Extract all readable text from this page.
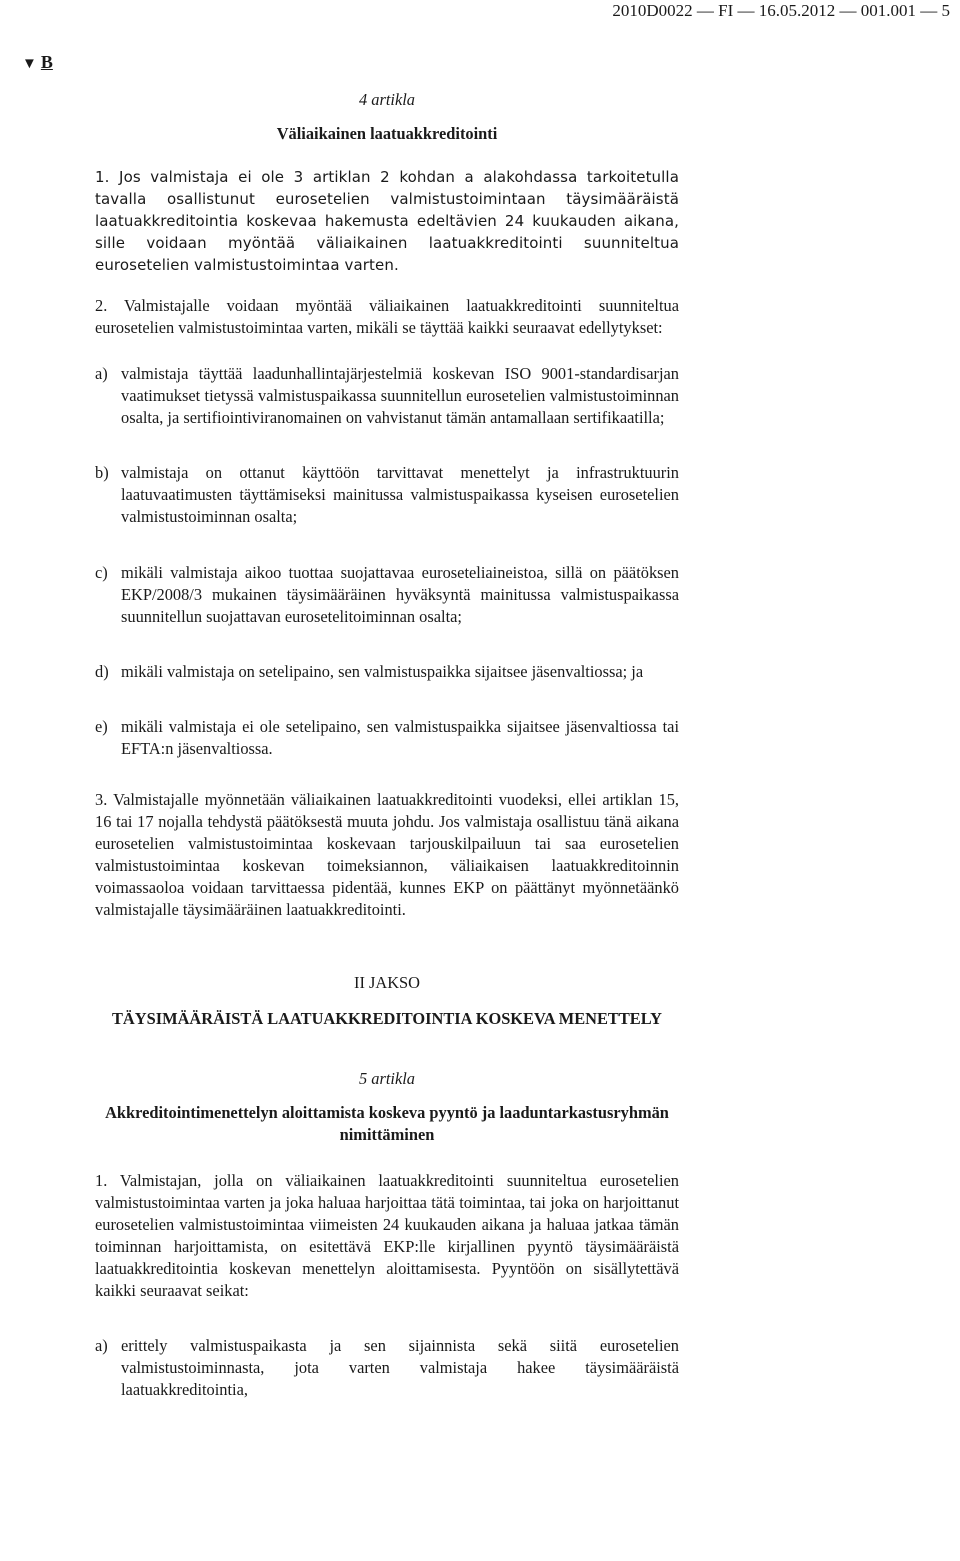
2010D0022 — FI — 16.05.2012 — 001.001 — 5
▼ B
4 artikla
Väliaikainen laatuakkreditointi
1. Jos valmistaja ei ole 3 artiklan 2 kohdan a alakohdassa tarkoitetulla tavalla osallistunut eurosetelien valmistustoimintaan täysimääräistä laatuakkreditointia koskevaa hakemusta edeltävien 24 kuukauden aikana, sille voidaan myöntää väliaikainen laatuakkreditointi suunniteltua eurosetelien valmistustoimintaa varten.
2. Valmistajalle voidaan myöntää väliaikainen laatuakkreditointi suunniteltua eurosetelien valmistustoimintaa varten, mikäli se täyttää kaikki seuraavat edellytykset:
a) valmistaja täyttää laadunhallintajärjestelmiä koskevan ISO 9001-standardisarjan vaatimukset tietyssä valmistuspaikassa suunnitellun eurosetelien valmistustoiminnan osalta, ja sertifiointiviranomainen on vahvistanut tämän antamallaan sertifikaatilla;
b) valmistaja on ottanut käyttöön tarvittavat menettelyt ja infrastruktuurin laatuvaatimusten täyttämiseksi mainitussa valmistuspaikassa kyseisen eurosetelien valmistustoiminnan osalta;
c) mikäli valmistaja aikoo tuottaa suojattavaa euroseteliaineistoa, sillä on päätöksen EKP/2008/3 mukainen täysimääräinen hyväksyntä mainitussa valmistuspaikassa suunnitellun suojattavan eurosetelitoiminnan osalta;
d) mikäli valmistaja on setelipaino, sen valmistuspaikka sijaitsee jäsenvaltiossa; ja
e) mikäli valmistaja ei ole setelipaino, sen valmistuspaikka sijaitsee jäsenvaltiossa tai EFTA:n jäsenvaltiossa.
3. Valmistajalle myönnetään väliaikainen laatuakkreditointi vuodeksi, ellei artiklan 15, 16 tai 17 nojalla tehdystä päätöksestä muuta johdu. Jos valmistaja osallistuu tänä aikana eurosetelien valmistustoimintaa koskevaan tarjouskilpailuun tai saa eurosetelien valmistustoimintaa koskevan toimeksiannon, väliaikaisen laatuakkreditoinnin voimassaoloa voidaan tarvittaessa pidentää, kunnes EKP on päättänyt myönnetäänkö valmistajalle täysimääräinen laatuakkreditointi.
II JAKSO
TÄYSIMÄÄRÄISTÄ LAATUAKKREDITOINTIA KOSKEVA MENETTELY
5 artikla
Akkreditointimenettelyn aloittamista koskeva pyyntö ja laaduntarkastusryhmän nimittäminen
1. Valmistajan, jolla on väliaikainen laatuakkreditointi suunniteltua eurosetelien valmistustoimintaa varten ja joka haluaa harjoittaa tätä toimintaa, tai joka on harjoittanut eurosetelien valmistustoimintaa viimeisten 24 kuukauden aikana ja haluaa jatkaa tämän toiminnan harjoittamista, on esitettävä EKP:lle kirjallinen pyyntö täysimääräistä laatuakkreditointia koskevan menettelyn aloittamisesta. Pyyntöön on sisällytettävä kaikki seuraavat seikat:
a) erittely valmistuspaikasta ja sen sijainnista sekä siitä eurosetelien valmistustoiminnasta, jota varten valmistaja hakee täysimääräistä laatuakkreditointia,
